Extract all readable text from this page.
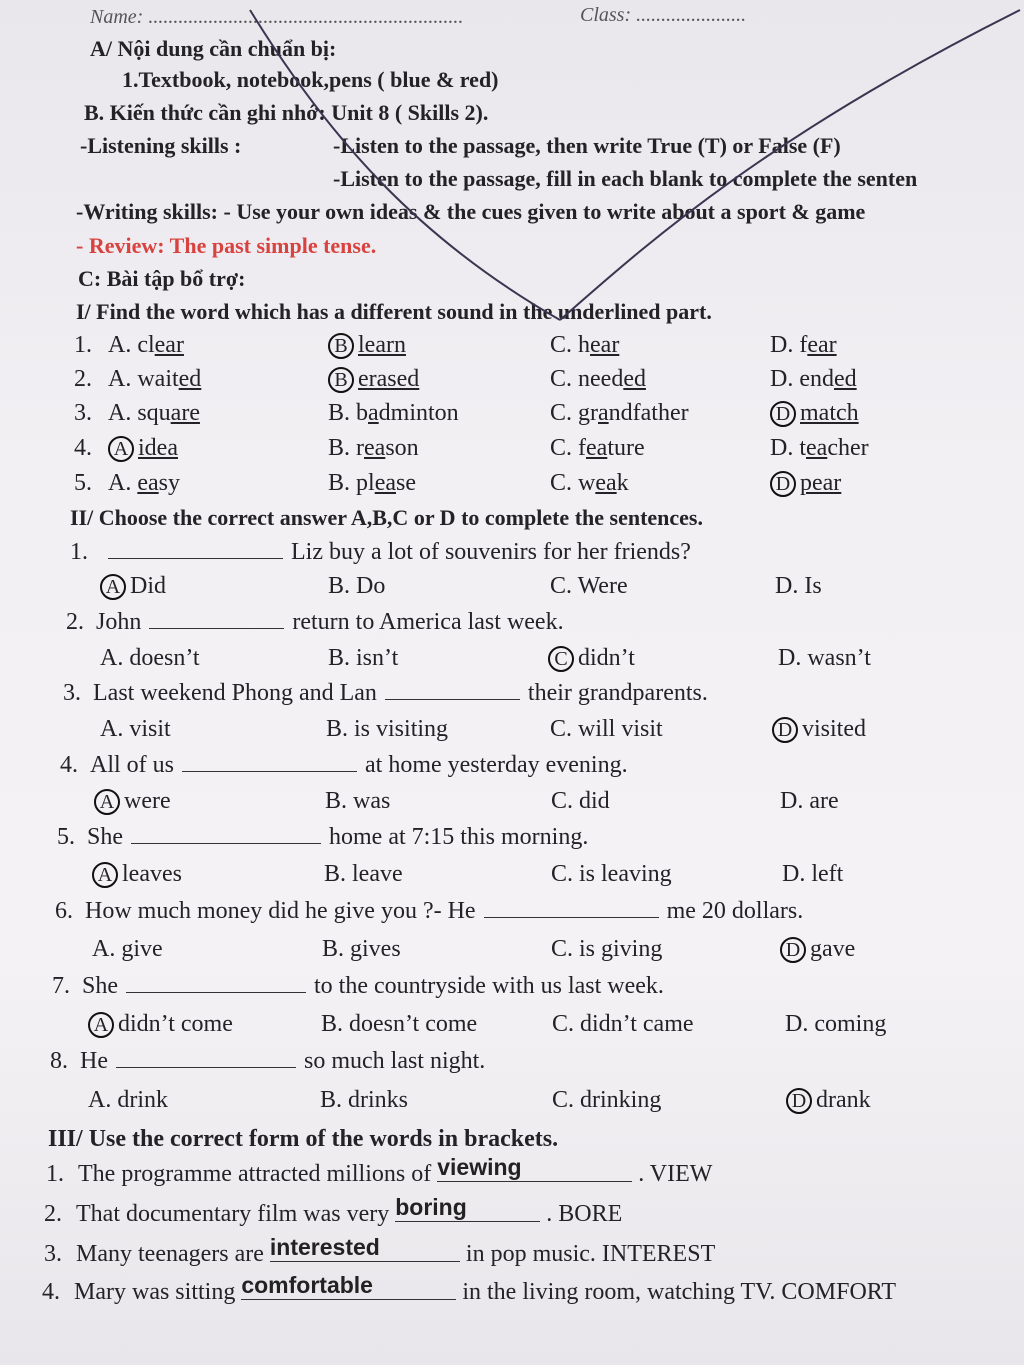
Name: ...............................................................	Class: ......................
A/ Nội dung cần chuẩn bị:
1.Textbook, notebook,pens ( blue & red)
B. Kiến thức cần ghi nhớ: Unit 8 ( Skills 2).
-Listening skills :	-Listen to the passage, then write True (T) or False (F)
-Listen to the passage, fill in each blank to complete the senten
-Writing skills: - Use your own ideas & the cues given to write about a sport & game
- Review: The past simple tense.
C: Bài tập bổ trợ:
I/ Find the word which has a different sound in the underlined part.
1. A. clear	B learn	C. hear	D. fear
2. A. waited	B erased	C. needed	D. ended
3. A. square	B. badminton	C. grandfather	D match
4. A idea	B. reason	C. feature	D. teacher
5. A. easy	B. please	C. weak	D pear
II/ Choose the correct answer A,B,C or D to complete the sentences.
1.	Liz buy a lot of souvenirs for her friends?
A Did	B. Do	C. Were	D. Is
2. John	return to America last week.
A. doesn’t	B. isn’t	C didn’t	D. wasn’t
3. Last weekend Phong and Lan	their grandparents.
A. visit	B. is visiting	C. will visit	D visited
4. All of us	at home yesterday evening.
A were	B. was	C. did	D. are
5. She	home at 7:15 this morning.
A leaves	B. leave	C. is leaving	D. left
6. How much money did he give you ?- He	me 20 dollars.
A. give	B. gives	C. is giving	D gave
7. She	to the countryside with us last week.
A didn’t come	B. doesn’t come	C. didn’t came	D. coming
8. He	so much last night.
A. drink	B. drinks	C. drinking	D drank
III/ Use the correct form of the words in brackets.
1. The programme attracted millions of viewing	. VIEW
2. That documentary film was very boring	. BORE
3. Many teenagers are interested	in pop music. INTEREST
4. Mary was sitting comfortable	in the living room, watching TV. COMFORT
